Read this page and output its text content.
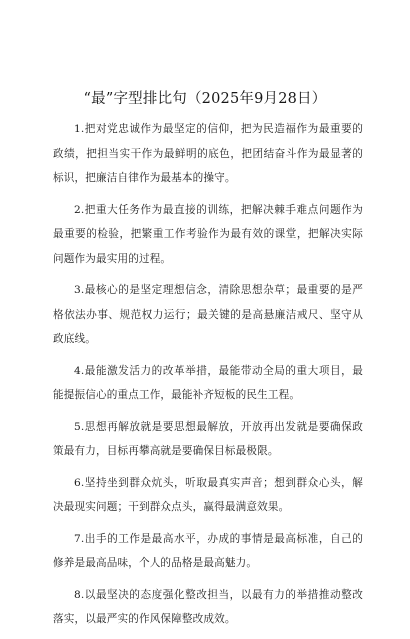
“最”字型排比句（2025年9月28日）

1.把对党忠诚作为最坚定的信仰，把为民造福作为最重要的政绩，把担当实干作为最鲜明的底色，把团结奋斗作为最显著的标识，把廉洁自律作为最基本的操守。

2.把重大任务作为最直接的训练，把解决棘手难点问题作为最重要的检验，把繁重工作考验作为最有效的课堂，把解决实际问题作为最实用的过程。

3.最核心的是坚定理想信念，清除思想杂草；最重要的是严格依法办事、规范权力运行；最关键的是高悬廉洁戒尺、坚守从政底线。

4.最能激发活力的改革举措，最能带动全局的重大项目，最能提振信心的重点工作，最能补齐短板的民生工程。

5.思想再解放就是要思想最解放，开放再出发就是要确保政策最有力，目标再攀高就是要确保目标最极限。

6.坚持坐到群众炕头，听取最真实声音；想到群众心头，解决最现实问题；干到群众点头，赢得最满意效果。

7.出手的工作是最高水平，办成的事情是最高标准，自己的修养是最高品味，个人的品格是最高魅力。

8.以最坚决的态度强化整改担当，以最有力的举措推动整改落实，以最严实的作风保障整改成效。
